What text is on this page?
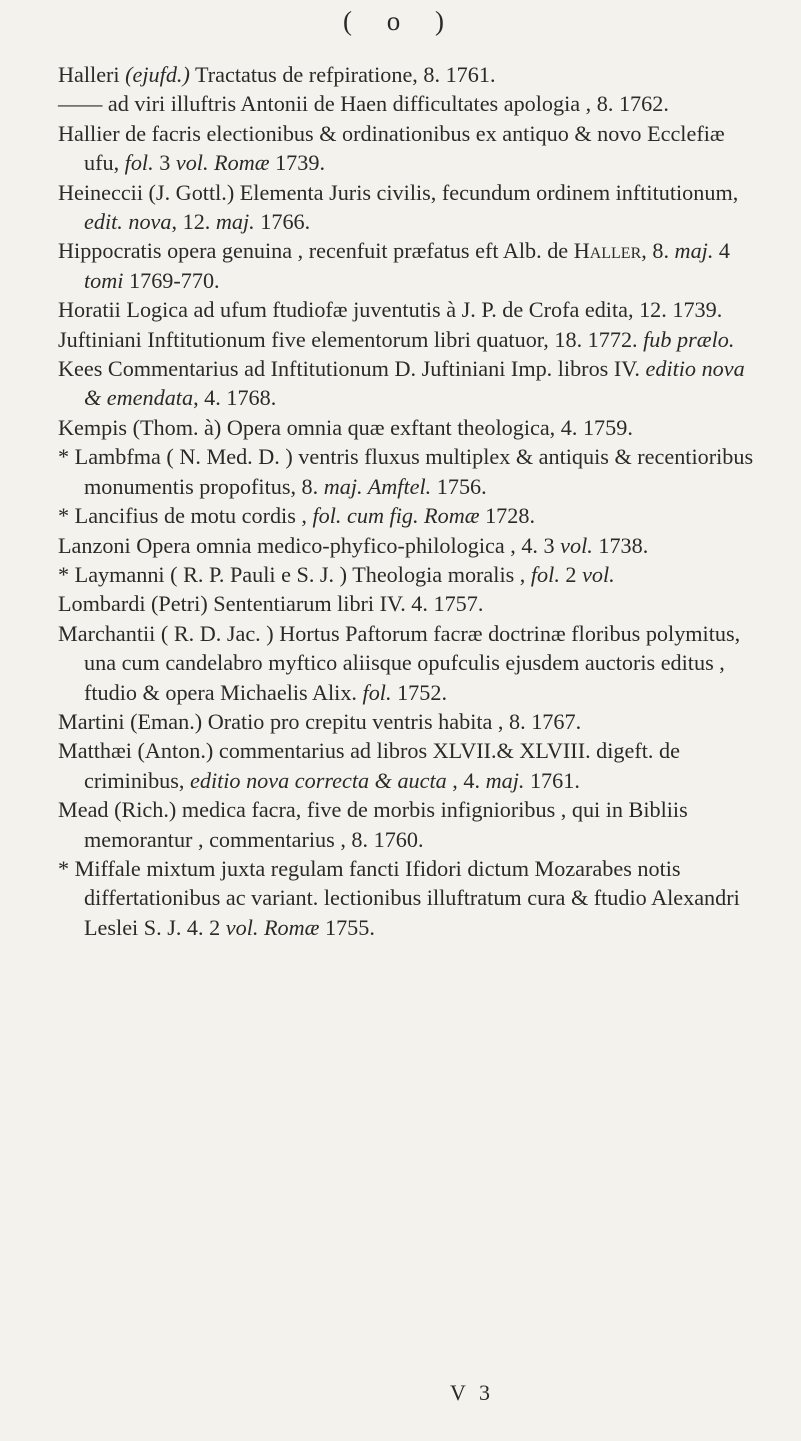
( o )
Halleri (ejufd.) Tractatus de refpiratione, 8. 1761.
—— ad viri illuftris Antonii de Haen difficultates apologia , 8. 1762.
Hallier de facris electionibus & ordinationibus ex antiquo & novo Ecclefiæ ufu, fol. 3 vol. Romæ 1739.
Heineccii (J. Gottl.) Elementa Juris civilis, fecundum ordinem inftitutionum, edit. nova, 12. maj. 1766.
Hippocratis opera genuina , recenfuit præfatus eft Alb. de Haller, 8. maj. 4 tomi 1769-770.
Horatii Logica ad ufum ftudiofæ juventutis à J. P. de Crofa edita, 12. 1739.
Juftiniani Inftitutionum five elementorum libri quatuor, 18. 1772. fub prælo.
Kees Commentarius ad Inftitutionum D. Juftiniani Imp. libros IV. editio nova & emendata, 4. 1768.
Kempis (Thom. à) Opera omnia quæ exftant theologica, 4. 1759.
* Lambfma ( N. Med. D. ) ventris fluxus multiplex & antiquis & recentioribus monumentis propofitus, 8. maj. Amftel. 1756.
* Lancifius de motu cordis , fol. cum fig. Romæ 1728.
Lanzoni Opera omnia medico-phyfico-philologica , 4. 3 vol. 1738.
* Laymanni ( R. P. Pauli e S. J. ) Theologia moralis , fol. 2 vol.
Lombardi (Petri) Sententiarum libri IV. 4. 1757.
Marchantii ( R. D. Jac. ) Hortus Paftorum facræ doctrinæ floribus polymitus, una cum candelabro myftico aliisque opufculis ejusdem auctoris editus , ftudio & opera Michaelis Alix. fol. 1752.
Martini (Eman.) Oratio pro crepitu ventris habita , 8. 1767.
Matthæi (Anton.) commentarius ad libros XLVII.& XLVIII. digeft. de criminibus, editio nova correcta & aucta , 4. maj. 1761.
Mead (Rich.) medica facra, five de morbis infignioribus , qui in Bibliis memorantur , commentarius , 8. 1760.
* Miffale mixtum juxta regulam fancti Ifidori dictum Mozarabes notis differtationibus ac variant. lectionibus illuftratum cura & ftudio Alexandri Leslei S. J. 4. 2 vol. Romæ 1755.
V 3
